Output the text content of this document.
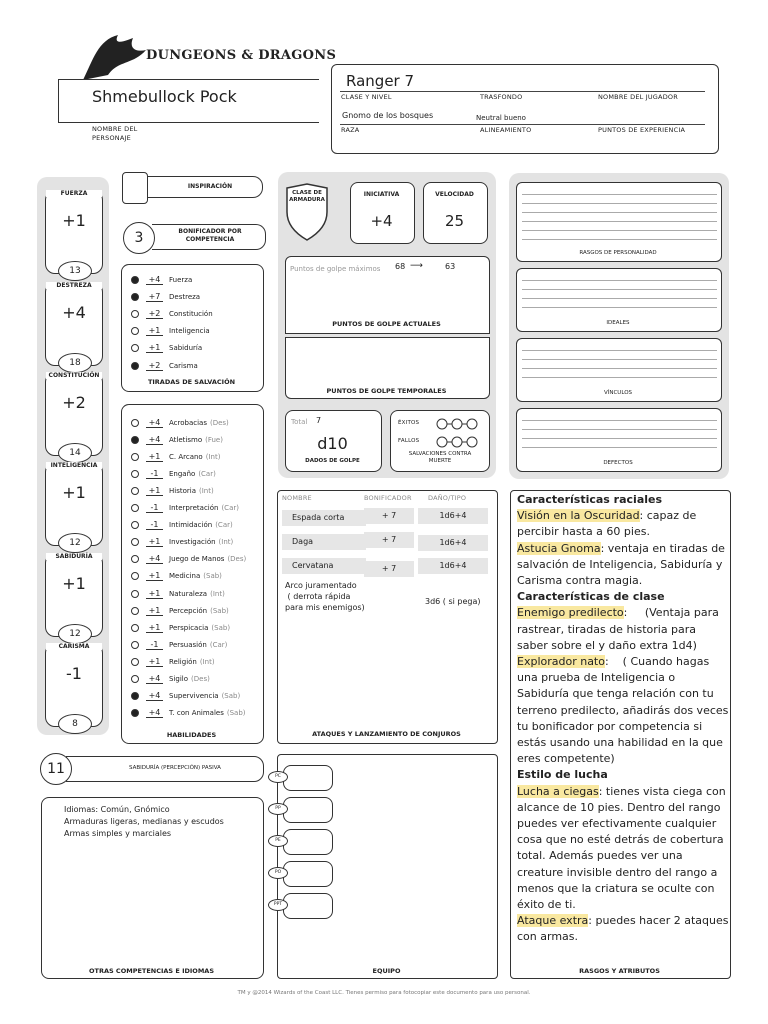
DUNGEONS & DRAGONS
Shmebullock Pock
NOMBRE DEL PERSONAJE
Ranger 7
CLASE Y NIVEL	TRASFONDO	NOMBRE DEL JUGADOR
Gnomo de los bosques	Neutral bueno
RAZA	ALINEAMIENTO	PUNTOS DE EXPERIENCIA
FUERZA
+1
13
DESTREZA
+4
18
CONSTITUCIÓN
+2
14
INTELIGENCIA
+1
12
SABIDURÍA
+1
12
CARISMA
-1
8
INSPIRACIÓN
3	BONIFICADOR POR COMPETENCIA
+4	Fuerza
+7	Destreza
+2	Constitución
+1	Inteligencia
+1	Sabiduría
+2	Carisma
TIRADAS DE SALVACIÓN
+4	Acrobacias (Des)
+4	Atletismo (Fue)
+1	C. Arcano (Int)
-1	Engaño (Car)
+1	Historia (Int)
-1	Interpretación (Car)
-1	Intimidación (Car)
+1	Investigación (Int)
+4	Juego de Manos (Des)
+1	Medicina (Sab)
+1	Naturaleza (Int)
+1	Percepción (Sab)
+1	Perspicacia (Sab)
-1	Persuasión (Car)
+1	Religión (Int)
+4	Sigilo (Des)
+4	Supervivencia (Sab)
+4	T. con Animales (Sab)
HABILIDADES
11	SABIDURÍA (PERCEPCIÓN) PASIVA
Idiomas: Común, Gnómico
Armaduras ligeras, medianas y escudos
Armas simples y marciales
OTRAS COMPETENCIAS E IDIOMAS
CLASE DE ARMADURA
INICIATIVA
+4
VELOCIDAD
25
Puntos de golpe máximos 68 ⟶	63
PUNTOS DE GOLPE ACTUALES
PUNTOS DE GOLPE TEMPORALES
Total 7
d10
DADOS DE GOLPE
ÉXITOS
FALLOS
SALVACIONES CONTRA MUERTE
NOMBRE	BONIFICADOR	DAÑO/TIPO
Espada corta	+ 7	1d6+4
Daga	+ 7	1d6+4
Cervatana	+ 7	1d6+4
Arco juramentado
( derrota rápida
para mis enemigos)
3d6 ( si pega)
ATAQUES Y LANZAMIENTO DE CONJUROS
PC
PP
PE
PO
PPT
EQUIPO
RASGOS DE PERSONALIDAD
IDEALES
VÍNCULOS
DEFECTOS

Características raciales

Visión en la Oscuridad: capaz de percibir hasta a 60 pies.

Astucia Gnoma: ventaja en tiradas de salvación de Inteligencia, Sabiduría y Carisma contra magia.

Características de clase

Enemigo predilecto:     (Ventaja para rastrear, tiradas de historia para saber sobre el y daño extra 1d4)

Explorador nato:    ( Cuando hagas una prueba de Inteligencia o Sabiduría que tenga relación con tu terreno predilecto, añadirás dos veces tu bonificador por competencia si estás usando una habilidad en la que eres competente)

Estilo de lucha

Lucha a ciegas: tienes vista ciega con alcance de 10 pies. Dentro del rango puedes ver efectivamente cualquier cosa que no esté detrás de cobertura total. Además puedes ver una creature invisible dentro del rango a menos que la criatura se oculte con éxito de ti.

Ataque extra: puedes hacer 2 ataques con armas.

RASGOS Y ATRIBUTOS
TM y @2014 Wizards of the Coast LLC. Tienes permiso para fotocopiar este documento para uso personal.
